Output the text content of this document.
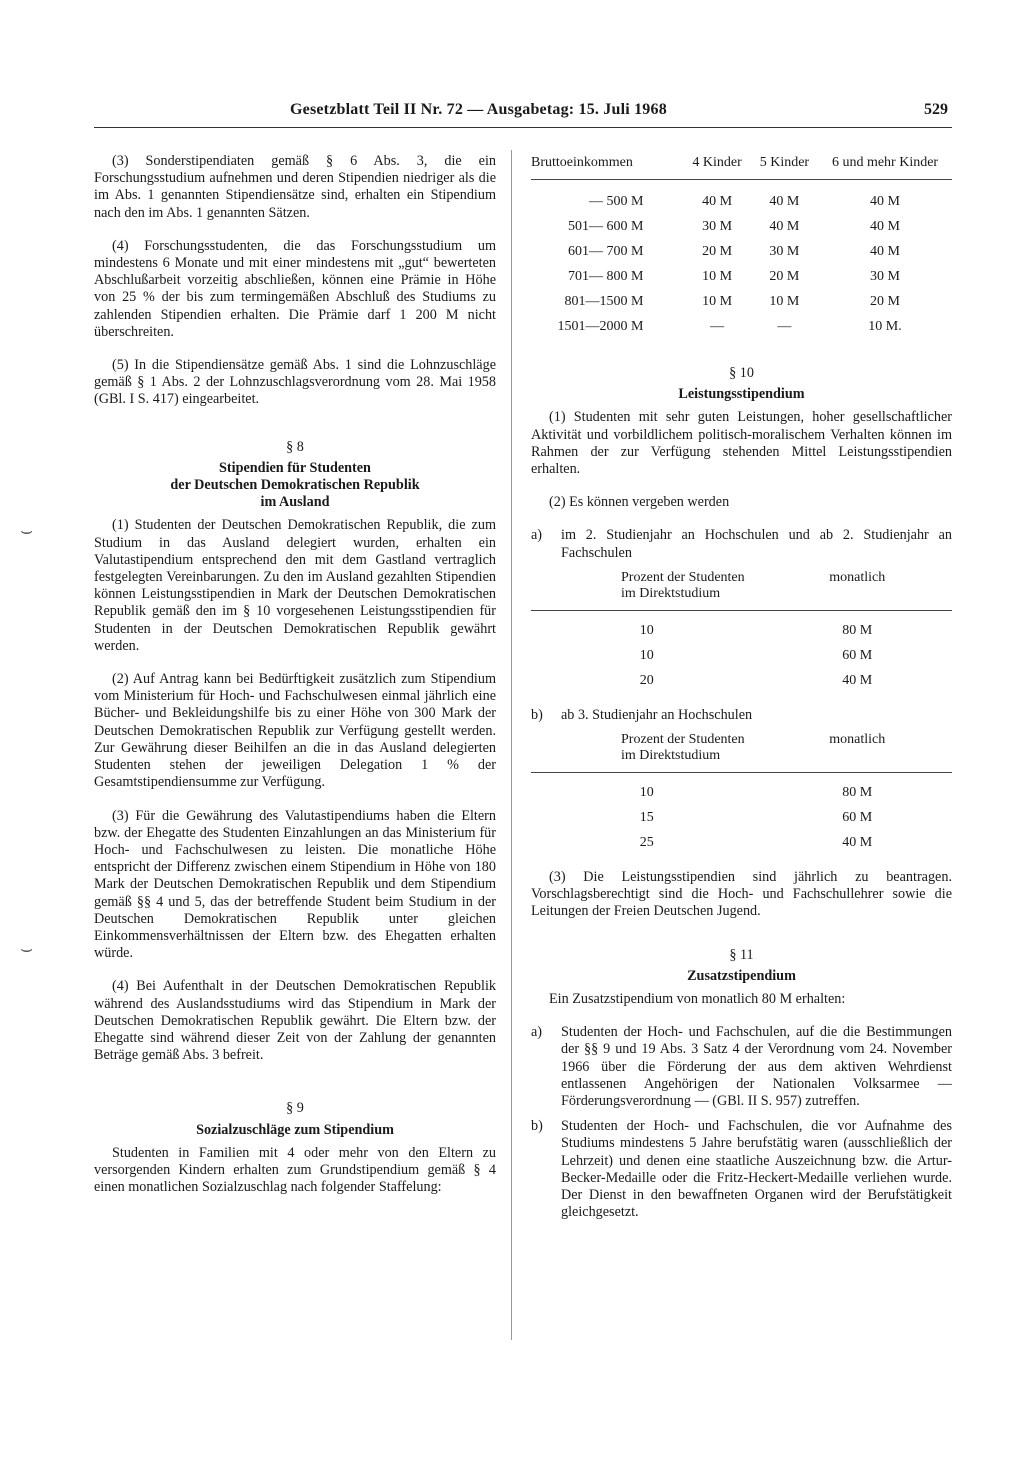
Gesetzblatt Teil II Nr. 72 — Ausgabetag: 15. Juli 1968	529
⌣
⌣

(3) Sonderstipendiaten gemäß § 6 Abs. 3, die ein Forschungsstudium aufnehmen und deren Stipendien niedriger als die im Abs. 1 genannten Stipendiensätze sind, erhalten ein Stipendium nach den im Abs. 1 genannten Sätzen.

(4) Forschungsstudenten, die das Forschungsstudium um mindestens 6 Monate und mit einer mindestens mit „gut“ bewerteten Abschlußarbeit vorzeitig abschließen, können eine Prämie in Höhe von 25 % der bis zum termingemäßen Abschluß des Studiums zu zahlenden Stipendien erhalten. Die Prämie darf 1 200 M nicht überschreiten.

(5) In die Stipendiensätze gemäß Abs. 1 sind die Lohnzuschläge gemäß § 1 Abs. 2 der Lohnzuschlagsverordnung vom 28. Mai 1958 (GBl. I S. 417) eingearbeitet.

§ 8
Stipendien für Studenten
der Deutschen Demokratischen Republik
im Ausland

(1) Studenten der Deutschen Demokratischen Republik, die zum Studium in das Ausland delegiert wurden, erhalten ein Valutastipendium entsprechend den mit dem Gastland vertraglich festgelegten Vereinbarungen. Zu den im Ausland gezahlten Stipendien können Leistungsstipendien in Mark der Deutschen Demokratischen Republik gemäß den im § 10 vorgesehenen Leistungsstipendien für Studenten in der Deutschen Demokratischen Republik gewährt werden.

(2) Auf Antrag kann bei Bedürftigkeit zusätzlich zum Stipendium vom Ministerium für Hoch- und Fachschulwesen einmal jährlich eine Bücher- und Bekleidungshilfe bis zu einer Höhe von 300 Mark der Deutschen Demokratischen Republik zur Verfügung gestellt werden. Zur Gewährung dieser Beihilfen an die in das Ausland delegierten Studenten stehen der jeweiligen Delegation 1 % der Gesamtstipendiensumme zur Verfügung.

(3) Für die Gewährung des Valutastipendiums haben die Eltern bzw. der Ehegatte des Studenten Einzahlungen an das Ministerium für Hoch- und Fachschulwesen zu leisten. Die monatliche Höhe entspricht der Differenz zwischen einem Stipendium in Höhe von 180 Mark der Deutschen Demokratischen Republik und dem Stipendium gemäß §§ 4 und 5, das der betreffende Student beim Studium in der Deutschen Demokratischen Republik unter gleichen Einkommensverhältnissen der Eltern bzw. des Ehegatten erhalten würde.

(4) Bei Aufenthalt in der Deutschen Demokratischen Republik während des Auslandsstudiums wird das Stipendium in Mark der Deutschen Demokratischen Republik gewährt. Die Eltern bzw. der Ehegatte sind während dieser Zeit von der Zahlung der genannten Beträge gemäß Abs. 3 befreit.

§ 9
Sozialzuschläge zum Stipendium

Studenten in Familien mit 4 oder mehr von den Eltern zu versorgenden Kindern erhalten zum Grundstipendium gemäß § 4 einen monatlichen Sozialzuschlag nach folgender Staffelung:

Bruttoeinkommen	4 Kinder	5 Kinder	6 und mehr Kinder
— 500 M	40 M	40 M	40 M
501— 600 M	30 M	40 M	40 M
601— 700 M	20 M	30 M	40 M
701— 800 M	10 M	20 M	30 M
801—1500 M	10 M	10 M	20 M
1501—2000 M	—	—	10 M.
§ 10
Leistungsstipendium

(1) Studenten mit sehr guten Leistungen, hoher gesellschaftlicher Aktivität und vorbildlichem politisch-moralischem Verhalten können im Rahmen der zur Verfügung stehenden Mittel Leistungsstipendien erhalten.

(2) Es können vergeben werden

a)	im 2. Studienjahr an Hochschulen und ab 2. Studienjahr an Fachschulen
Prozent der Studenten im Direktstudium	monatlich
10	80 M
10	60 M
20	40 M
b)	ab 3. Studienjahr an Hochschulen
Prozent der Studenten im Direktstudium	monatlich
10	80 M
15	60 M
25	40 M

(3) Die Leistungsstipendien sind jährlich zu beantragen. Vorschlagsberechtigt sind die Hoch- und Fachschullehrer sowie die Leitungen der Freien Deutschen Jugend.

§ 11
Zusatzstipendium

Ein Zusatzstipendium von monatlich 80 M erhalten:

a)	Studenten der Hoch- und Fachschulen, auf die die Bestimmungen der §§ 9 und 19 Abs. 3 Satz 4 der Verordnung vom 24. November 1966 über die Förderung der aus dem aktiven Wehrdienst entlassenen Angehörigen der Nationalen Volksarmee — Förderungsverordnung — (GBl. II S. 957) zutreffen.
b)	Studenten der Hoch- und Fachschulen, die vor Aufnahme des Studiums mindestens 5 Jahre berufstätig waren (ausschließlich der Lehrzeit) und denen eine staatliche Auszeichnung bzw. die Artur-Becker-Medaille oder die Fritz-Heckert-Medaille verliehen wurde. Der Dienst in den bewaffneten Organen wird der Berufstätigkeit gleichgesetzt.
